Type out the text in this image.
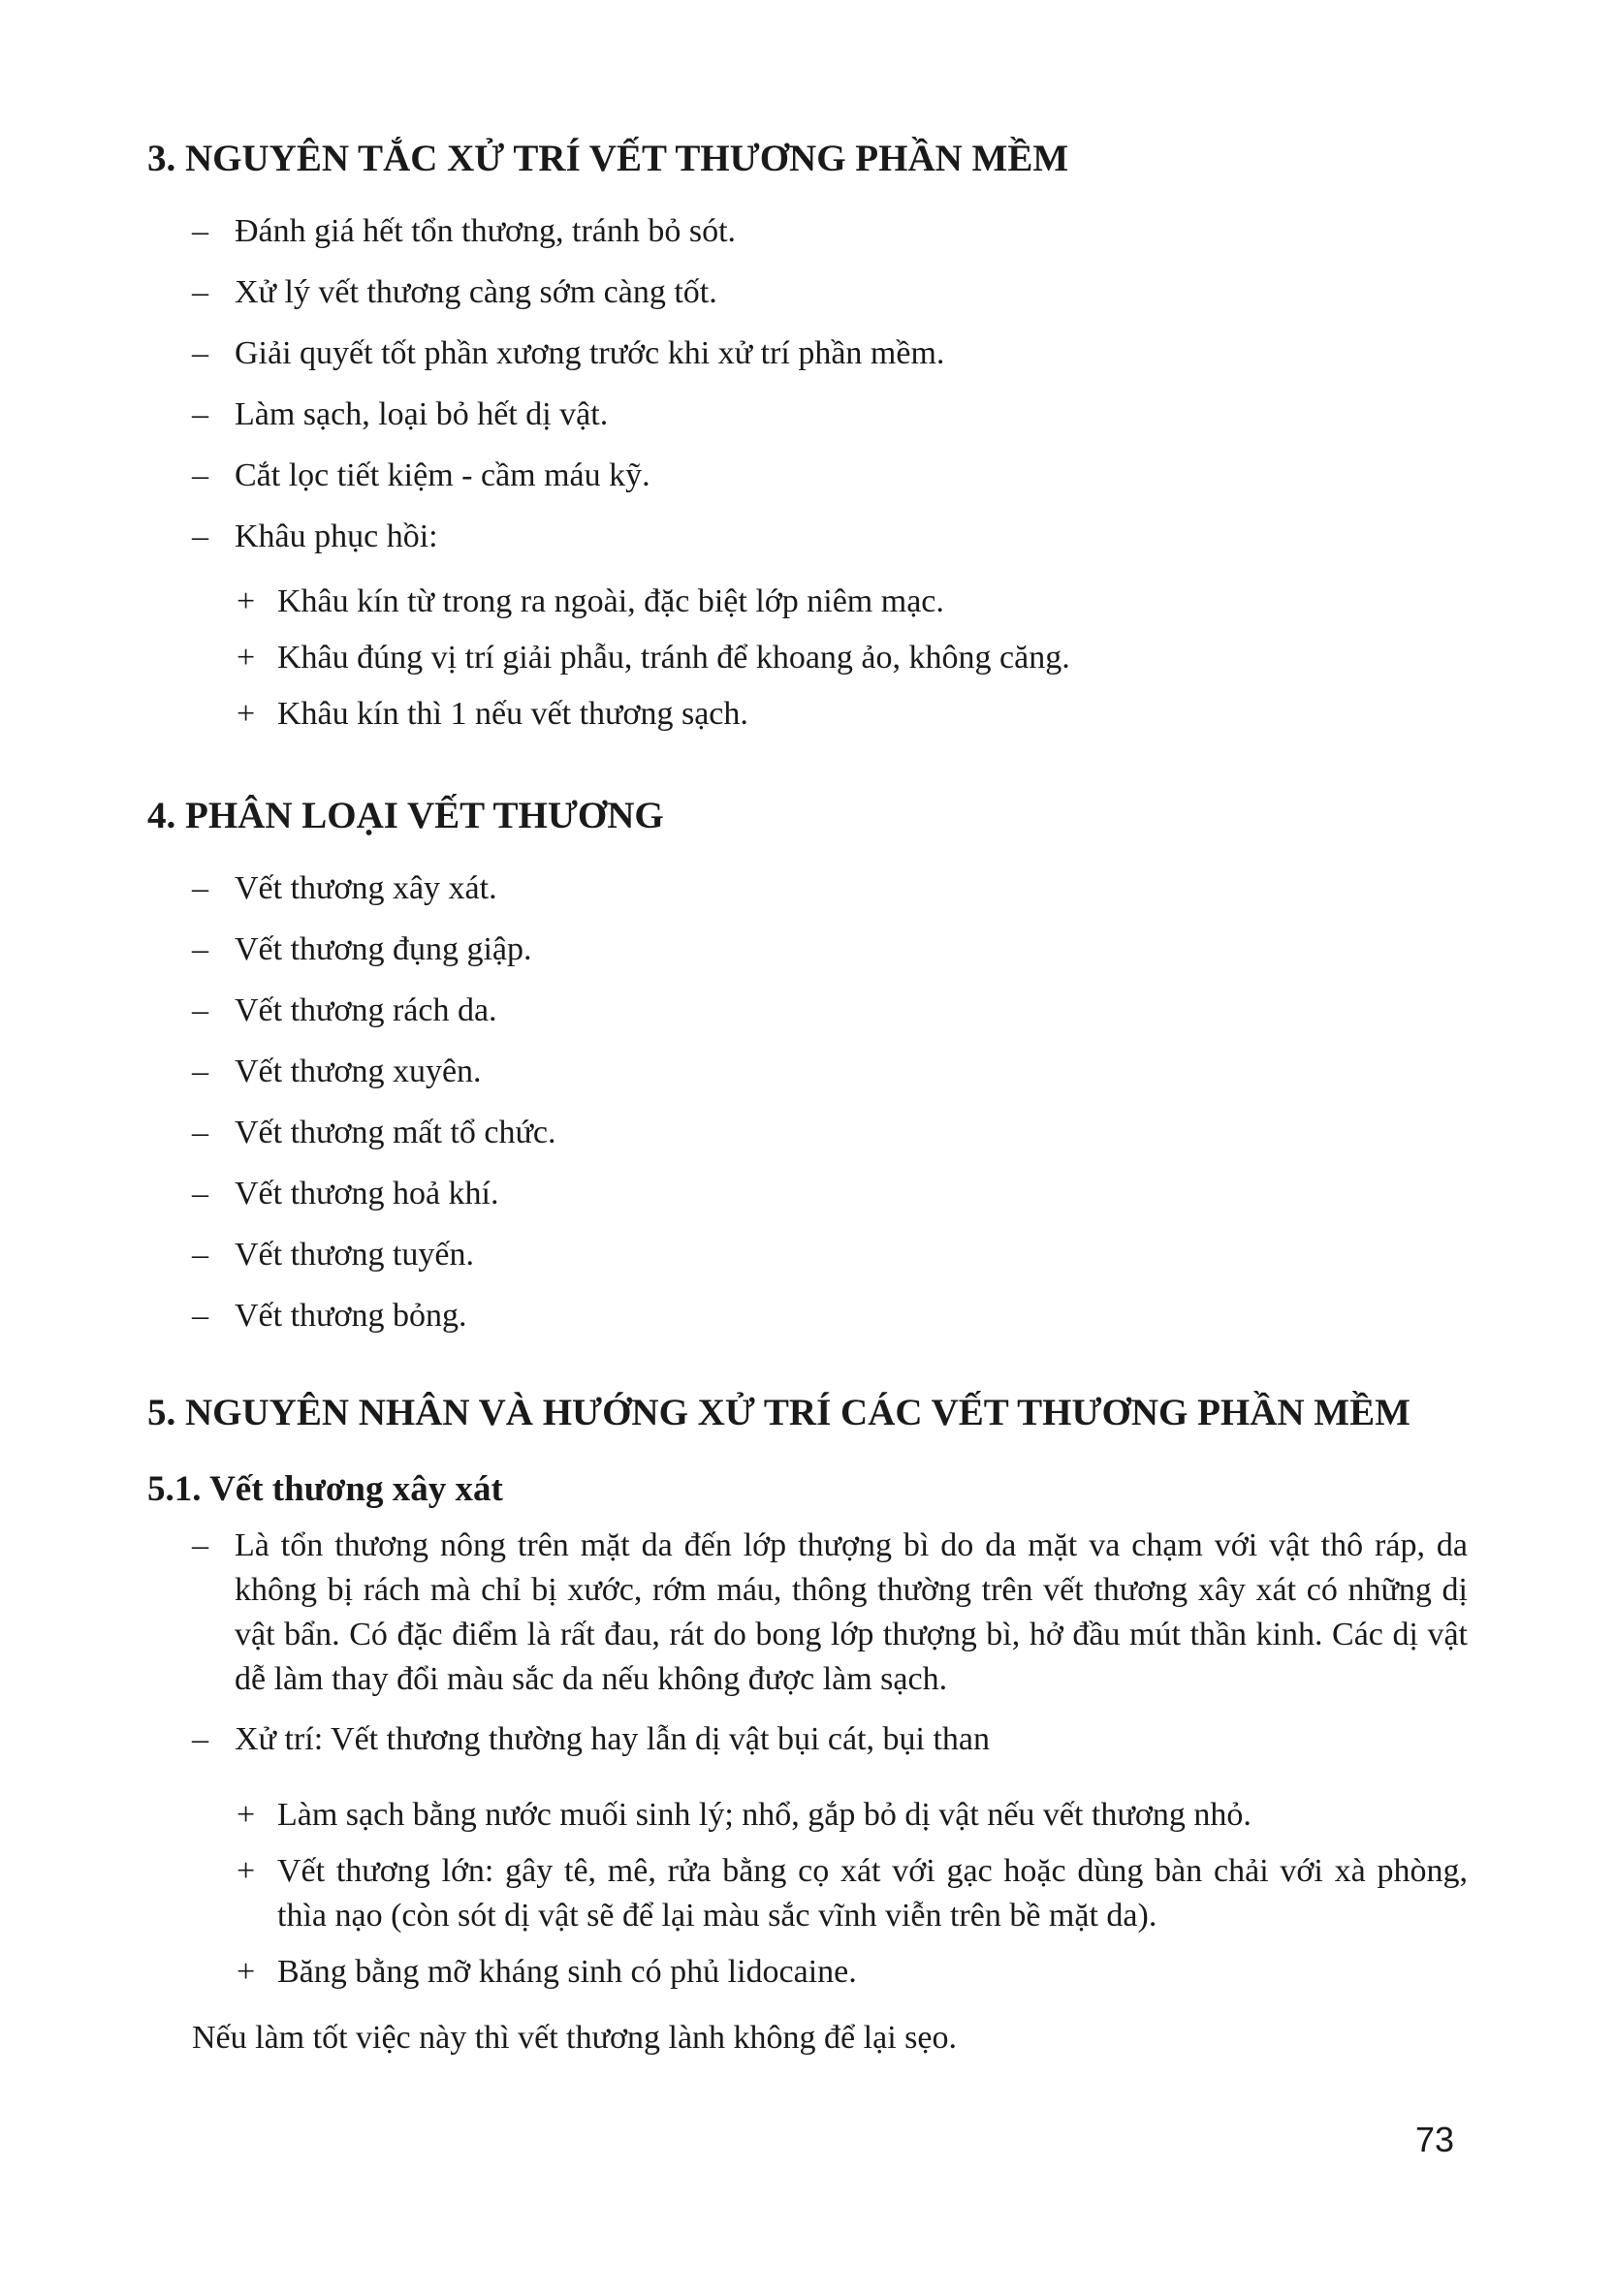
3. NGUYÊN TẮC XỬ TRÍ VẾT THƯƠNG PHẦN MỀM
– Đánh giá hết tổn thương, tránh bỏ sót.
– Xử lý vết thương càng sớm càng tốt.
– Giải quyết tốt phần xương trước khi xử trí phần mềm.
– Làm sạch, loại bỏ hết dị vật.
– Cắt lọc tiết kiệm - cầm máu kỹ.
– Khâu phục hồi:
+ Khâu kín từ trong ra ngoài, đặc biệt lớp niêm mạc.
+ Khâu đúng vị trí giải phẫu, tránh để khoang ảo, không căng.
+ Khâu kín thì 1 nếu vết thương sạch.
4. PHÂN LOẠI VẾT THƯƠNG
– Vết thương xây xát.
– Vết thương đụng giập.
– Vết thương rách da.
– Vết thương xuyên.
– Vết thương mất tổ chức.
– Vết thương hoả khí.
– Vết thương tuyến.
– Vết thương bỏng.
5. NGUYÊN NHÂN VÀ HƯỚNG XỬ TRÍ CÁC VẾT THƯƠNG PHẦN MỀM
5.1. Vết thương xây xát
– Là tổn thương nông trên mặt da đến lớp thượng bì do da mặt va chạm với vật thô ráp, da không bị rách mà chỉ bị xước, rớm máu, thông thường trên vết thương xây xát có những dị vật bẩn. Có đặc điểm là rất đau, rát do bong lớp thượng bì, hở đầu mút thần kinh. Các dị vật dễ làm thay đổi màu sắc da nếu không được làm sạch.
– Xử trí: Vết thương thường hay lẫn dị vật bụi cát, bụi than
+ Làm sạch bằng nước muối sinh lý; nhổ, gắp bỏ dị vật nếu vết thương nhỏ.
+ Vết thương lớn: gây tê, mê, rửa bằng cọ xát với gạc hoặc dùng bàn chải với xà phòng, thìa nạo (còn sót dị vật sẽ để lại màu sắc vĩnh viễn trên bề mặt da).
+ Băng bằng mỡ kháng sinh có phủ lidocaine.

Nếu làm tốt việc này thì vết thương lành không để lại sẹo.

73
